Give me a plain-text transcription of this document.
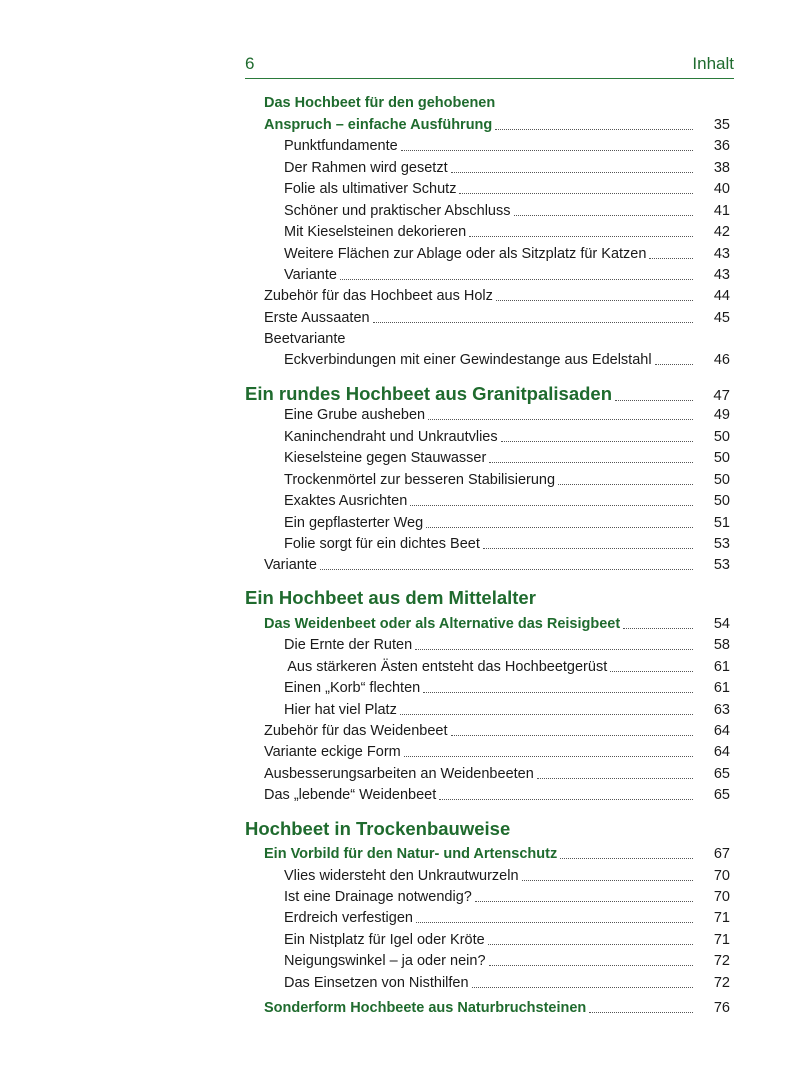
6	Inhalt
Das Hochbeet für den gehobenen
Anspruch – einfache Ausführung	35
Punktfundamente	36
Der Rahmen wird gesetzt	38
Folie als ultimativer Schutz	40
Schöner und praktischer Abschluss	41
Mit Kieselsteinen dekorieren	42
Weitere Flächen zur Ablage oder als Sitzplatz für Katzen	43
Variante	43
Zubehör für das Hochbeet aus Holz	44
Erste Aussaaten	45
Beetvariante
Eckverbindungen mit einer Gewindestange aus Edelstahl	46
Ein rundes Hochbeet aus Granitpalisaden	47
Eine Grube ausheben	49
Kaninchendraht und Unkrautvlies	50
Kieselsteine gegen Stauwasser	50
Trockenmörtel zur besseren Stabilisierung	50
Exaktes Ausrichten	50
Ein gepflasterter Weg	51
Folie sorgt für ein dichtes Beet	53
Variante	53
Ein Hochbeet aus dem Mittelalter
Das Weidenbeet oder als Alternative das Reisigbeet	54
Die Ernte der Ruten	58
Aus stärkeren Ästen entsteht das Hochbeetgerüst	61
Einen „Korb“ flechten	61
Hier hat viel Platz	63
Zubehör für das Weidenbeet	64
Variante eckige Form	64
Ausbesserungsarbeiten an Weidenbeeten	65
Das „lebende“ Weidenbeet	65
Hochbeet in Trockenbauweise
Ein Vorbild für den Natur- und Artenschutz	67
Vlies widersteht den Unkrautwurzeln	70
Ist eine Drainage notwendig?	70
Erdreich verfestigen	71
Ein Nistplatz für Igel oder Kröte	71
Neigungswinkel – ja oder nein?	72
Das Einsetzen von Nisthilfen	72
Sonderform Hochbeete aus Naturbruchsteinen	76
